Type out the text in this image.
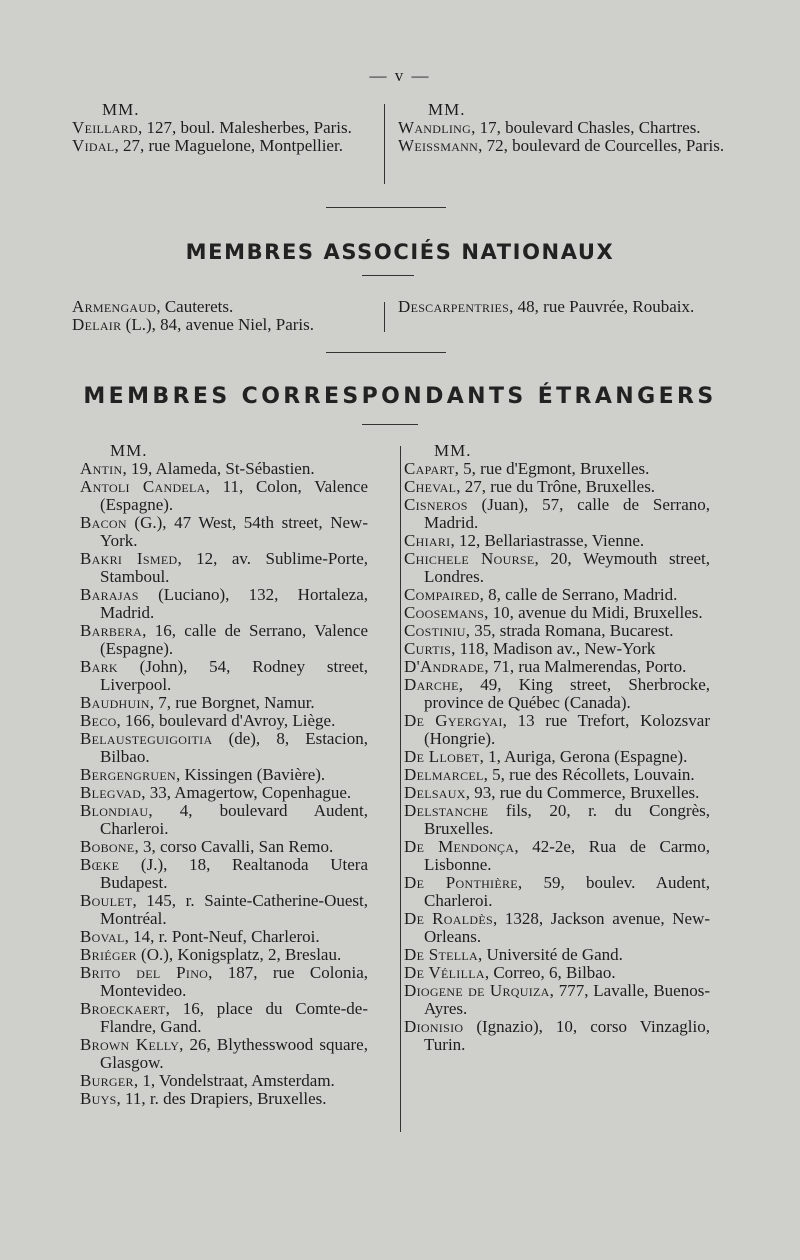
— v —
MM.
Veillard, 127, boul. Malesherbes, Paris.
Vidal, 27, rue Maguelone, Montpellier.
MM.
Wandling, 17, boulevard Chasles, Chartres.
Weissmann, 72, boulevard de Courcelles, Paris.
MEMBRES ASSOCIÉS NATIONAUX
Armengaud, Cauterets.
Delair (L.), 84, avenue Niel, Paris.
Descarpentries, 48, rue Pauvrée, Roubaix.
MEMBRES CORRESPONDANTS ÉTRANGERS
MM.
Antin, 19, Alameda, St-Sébastien.
Antoli Candela, 11, Colon, Valence (Espagne).
Bacon (G.), 47 West, 54th street, New-York.
Bakri Ismed, 12, av. Sublime-Porte, Stamboul.
Barajas (Luciano), 132, Hortaleza, Madrid.
Barbera, 16, calle de Serrano, Valence (Espagne).
Bark (John), 54, Rodney street, Liverpool.
Baudhuin, 7, rue Borgnet, Namur.
Beco, 166, boulevard d'Avroy, Liège.
Belausteguigoitia (de), 8, Estacion, Bilbao.
Bergengruen, Kissingen (Bavière).
Blegvad, 33, Amagertow, Copenhague.
Blondiau, 4, boulevard Audent, Charleroi.
Bobone, 3, corso Cavalli, San Remo.
Bœke (J.), 18, Realtanoda Utera Budapest.
Boulet, 145, r. Sainte-Catherine-Ouest, Montréal.
Boval, 14, r. Pont-Neuf, Charleroi.
Briéger (O.), Konigsplatz, 2, Breslau.
Brito del Pino, 187, rue Colonia, Montevideo.
Broeckaert, 16, place du Comte-de-Flandre, Gand.
Brown Kelly, 26, Blythesswood square, Glasgow.
Burger, 1, Vondelstraat, Amsterdam.
Buys, 11, r. des Drapiers, Bruxelles.
MM.
Capart, 5, rue d'Egmont, Bruxelles.
Cheval, 27, rue du Trône, Bruxelles.
Cisneros (Juan), 57, calle de Serrano, Madrid.
Chiari, 12, Bellariastrasse, Vienne.
Chichele Nourse, 20, Weymouth street, Londres.
Compaired, 8, calle de Serrano, Madrid.
Coosemans, 10, avenue du Midi, Bruxelles.
Costiniu, 35, strada Romana, Bucarest.
Curtis, 118, Madison av., New-York
D'Andrade, 71, rua Malmerendas, Porto.
Darche, 49, King street, Sherbrocke, province de Québec (Canada).
De Gyergyai, 13 rue Trefort, Kolozsvar (Hongrie).
De Llobet, 1, Auriga, Gerona (Espagne).
Delmarcel, 5, rue des Récollets, Louvain.
Delsaux, 93, rue du Commerce, Bruxelles.
Delstanche fils, 20, r. du Congrès, Bruxelles.
De Mendonça, 42-2e, Rua de Carmo, Lisbonne.
De Ponthière, 59, boulev. Audent, Charleroi.
De Roaldès, 1328, Jackson avenue, New-Orleans.
De Stella, Université de Gand.
De Vélilla, Correo, 6, Bilbao.
Diogene de Urquiza, 777, Lavalle, Buenos-Ayres.
Dionisio (Ignazio), 10, corso Vinzaglio, Turin.
